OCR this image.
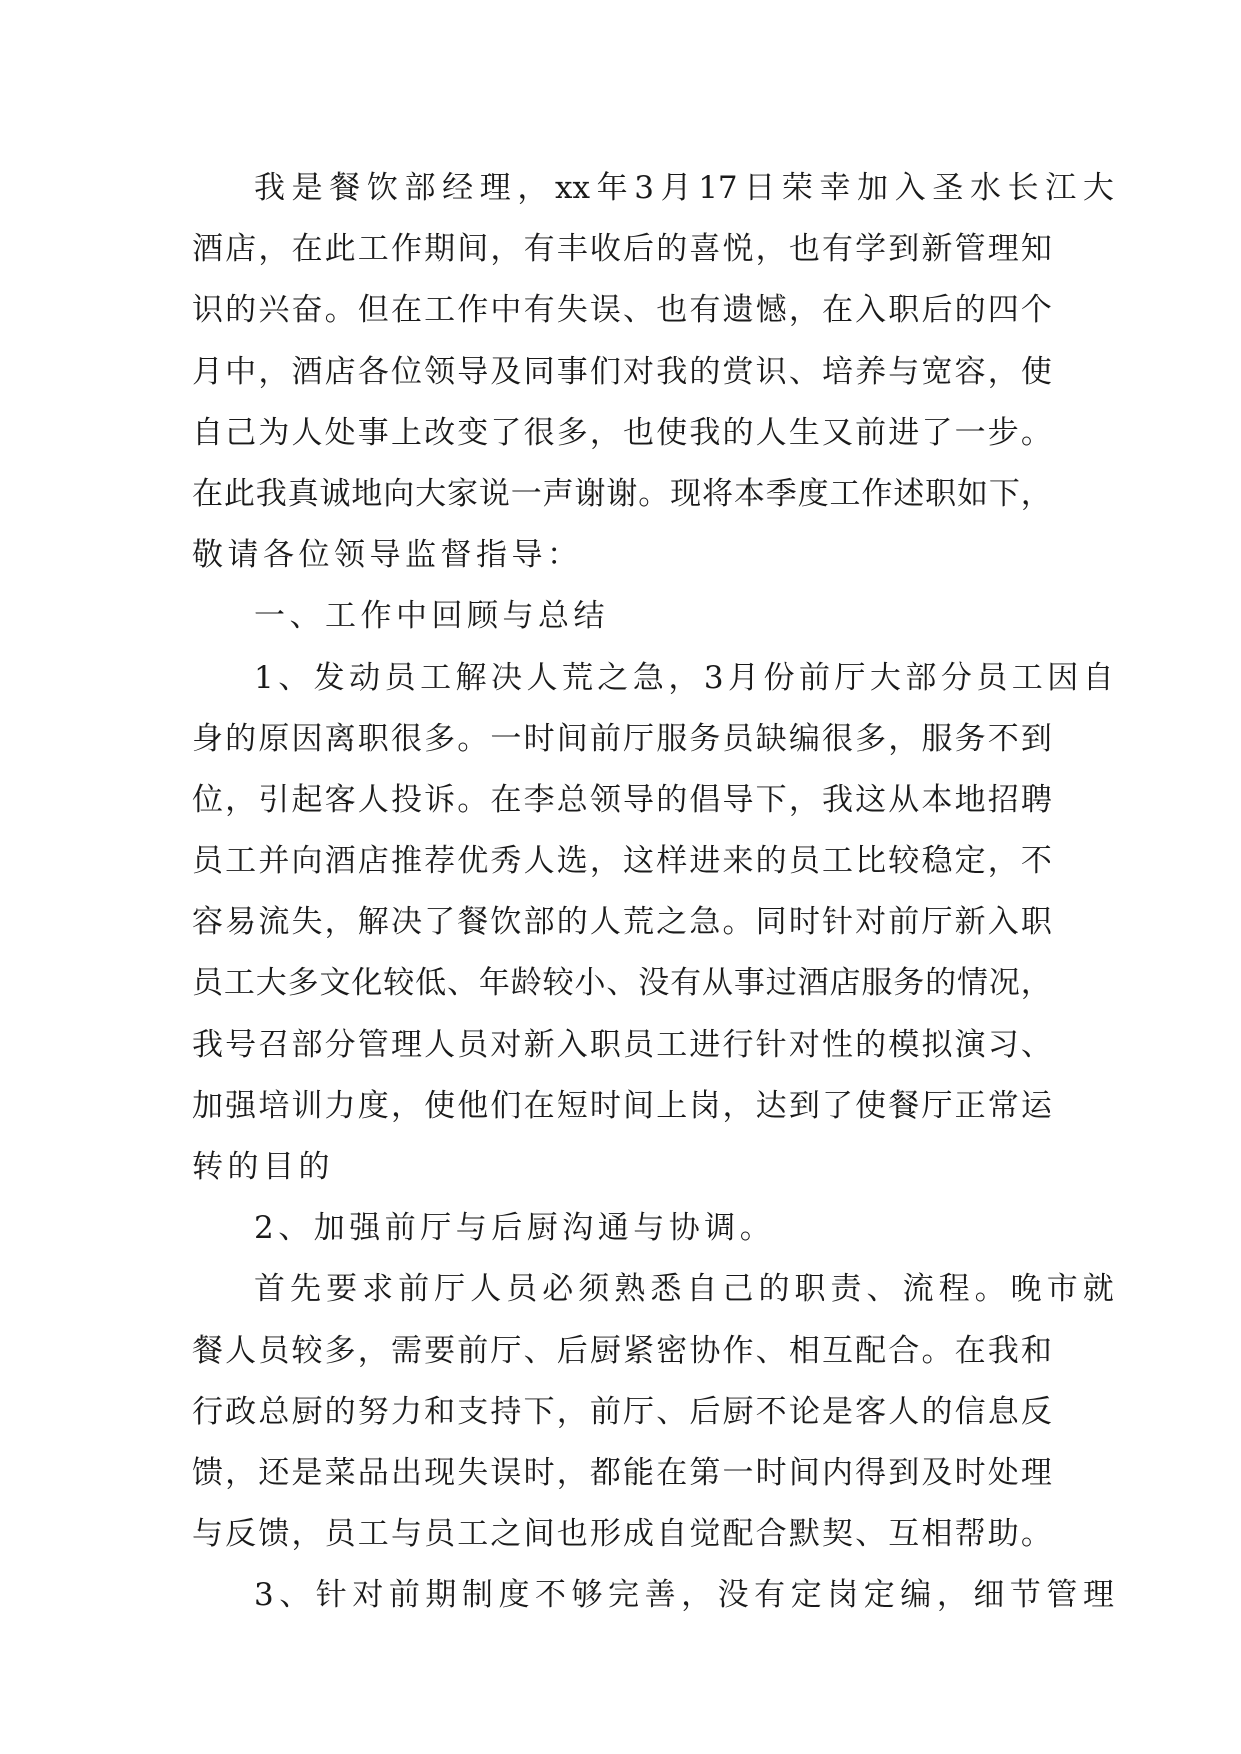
我 是 餐 饮 部 经 理 ， xx 年 3 月 17 日 荣 幸 加 入 圣 水 长 江 大
酒 店 ， 在 此 工 作 期 间 ， 有 丰 收 后 的 喜 悦 ， 也 有 学 到 新 管 理 知
识 的 兴 奋 。 但 在 工 作 中 有 失 误 、 也 有 遗 憾 ， 在 入 职 后 的 四 个
月 中 ， 酒 店 各 位 领 导 及 同 事 们 对 我 的 赏 识 、 培 养 与 宽 容 ， 使
自 己 为 人 处 事 上 改 变 了 很 多 ， 也 使 我 的 人 生 又 前 进 了 一 步 。
在 此 我 真 诚 地 向 大 家 说 一 声 谢 谢 。 现 将 本 季 度 工 作 述 职 如 下 ，
敬请各位领导监督指导：
一、工作中回顾与总结
1 、 发 动 员 工 解 决 人 荒 之 急 ， 3 月 份 前 厅 大 部 分 员 工 因 自
身 的 原 因 离 职 很 多 。 一 时 间 前 厅 服 务 员 缺 编 很 多 ， 服 务 不 到
位 ， 引 起 客 人 投 诉 。 在 李 总 领 导 的 倡 导 下 ， 我 这 从 本 地 招 聘
员 工 并 向 酒 店 推 荐 优 秀 人 选 ， 这 样 进 来 的 员 工 比 较 稳 定 ， 不
容 易 流 失 ， 解 决 了 餐 饮 部 的 人 荒 之 急 。 同 时 针 对 前 厅 新 入 职
员 工 大 多 文 化 较 低 、 年 龄 较 小 、 没 有 从 事 过 酒 店 服 务 的 情 况 ，
我 号 召 部 分 管 理 人 员 对 新 入 职 员 工 进 行 针 对 性 的 模 拟 演 习 、
加 强 培 训 力 度 ， 使 他 们 在 短 时 间 上 岗 ， 达 到 了 使 餐 厅 正 常 运
转的目的
2、加强前厅与后厨沟通与协调。
首 先 要 求 前 厅 人 员 必 须 熟 悉 自 己 的 职 责 、 流 程 。 晚 市 就
餐 人 员 较 多 ， 需 要 前 厅 、 后 厨 紧 密 协 作 、 相 互 配 合 。 在 我 和
行 政 总 厨 的 努 力 和 支 持 下 ， 前 厅 、 后 厨 不 论 是 客 人 的 信 息 反
馈 ， 还 是 菜 品 出 现 失 误 时 ， 都 能 在 第 一 时 间 内 得 到 及 时 处 理
与 反 馈 ， 员 工 与 员 工 之 间 也 形 成 自 觉 配 合 默 契 、 互 相 帮 助 。
3 、 针 对 前 期 制 度 不 够 完 善 ， 没 有 定 岗 定 编 ， 细 节 管 理
